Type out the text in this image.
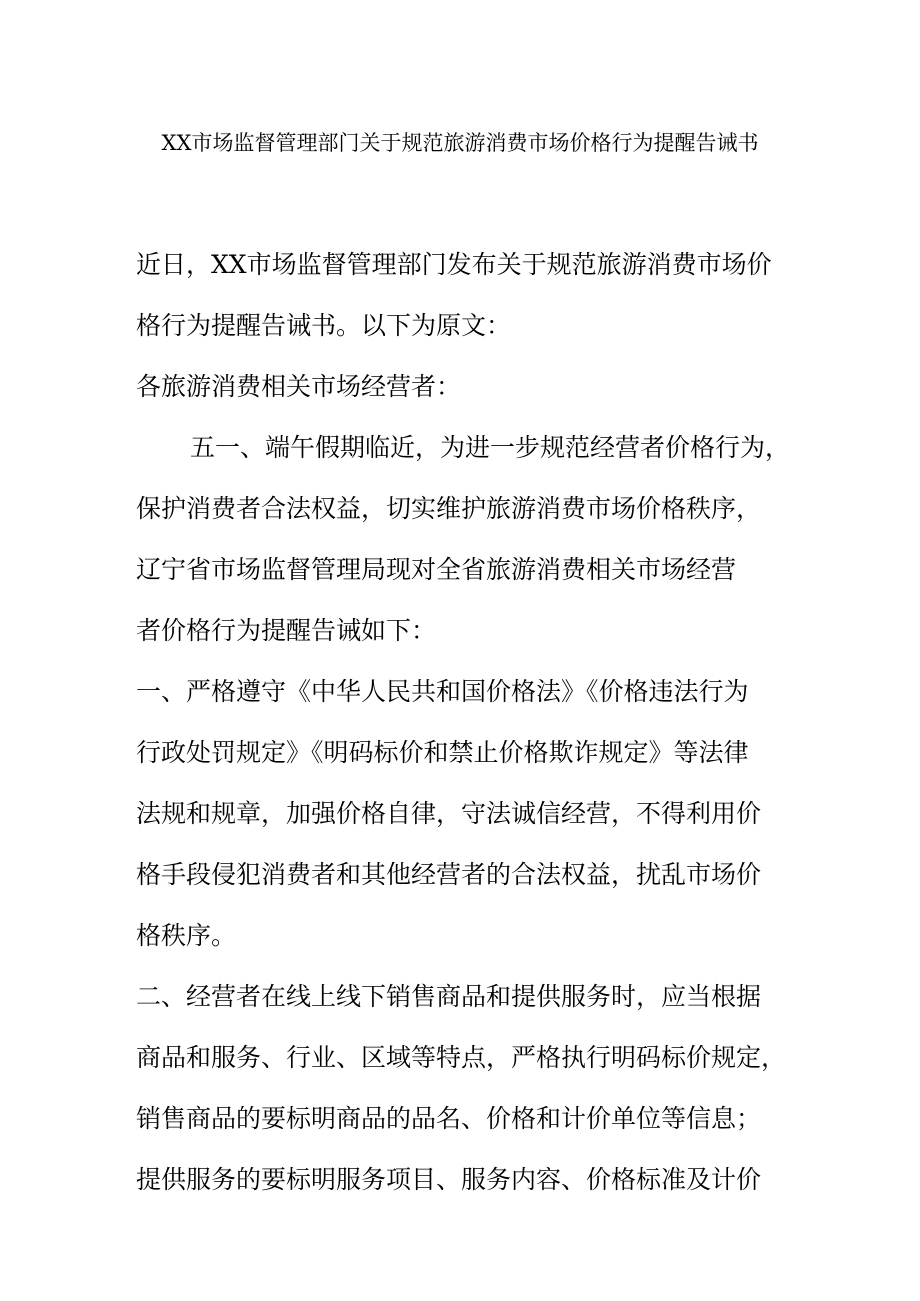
XX市场监督管理部门关于规范旅游消费市场价格行为提醒告诫书
近日，XX市场监督管理部门发布关于规范旅游消费市场价
格行为提醒告诫书。以下为原文：
各旅游消费相关市场经营者：
五一、端午假期临近，为进一步规范经营者价格行为，
保护消费者合法权益，切实维护旅游消费市场价格秩序，
辽宁省市场监督管理局现对全省旅游消费相关市场经营
者价格行为提醒告诫如下：
一、严格遵守《中华人民共和国价格法》《价格违法行为
行政处罚规定》《明码标价和禁止价格欺诈规定》等法律
法规和规章，加强价格自律，守法诚信经营，不得利用价
格手段侵犯消费者和其他经营者的合法权益，扰乱市场价
格秩序。
二、经营者在线上线下销售商品和提供服务时，应当根据
商品和服务、行业、区域等特点，严格执行明码标价规定，
销售商品的要标明商品的品名、价格和计价单位等信息；
提供服务的要标明服务项目、服务内容、价格标准及计价
